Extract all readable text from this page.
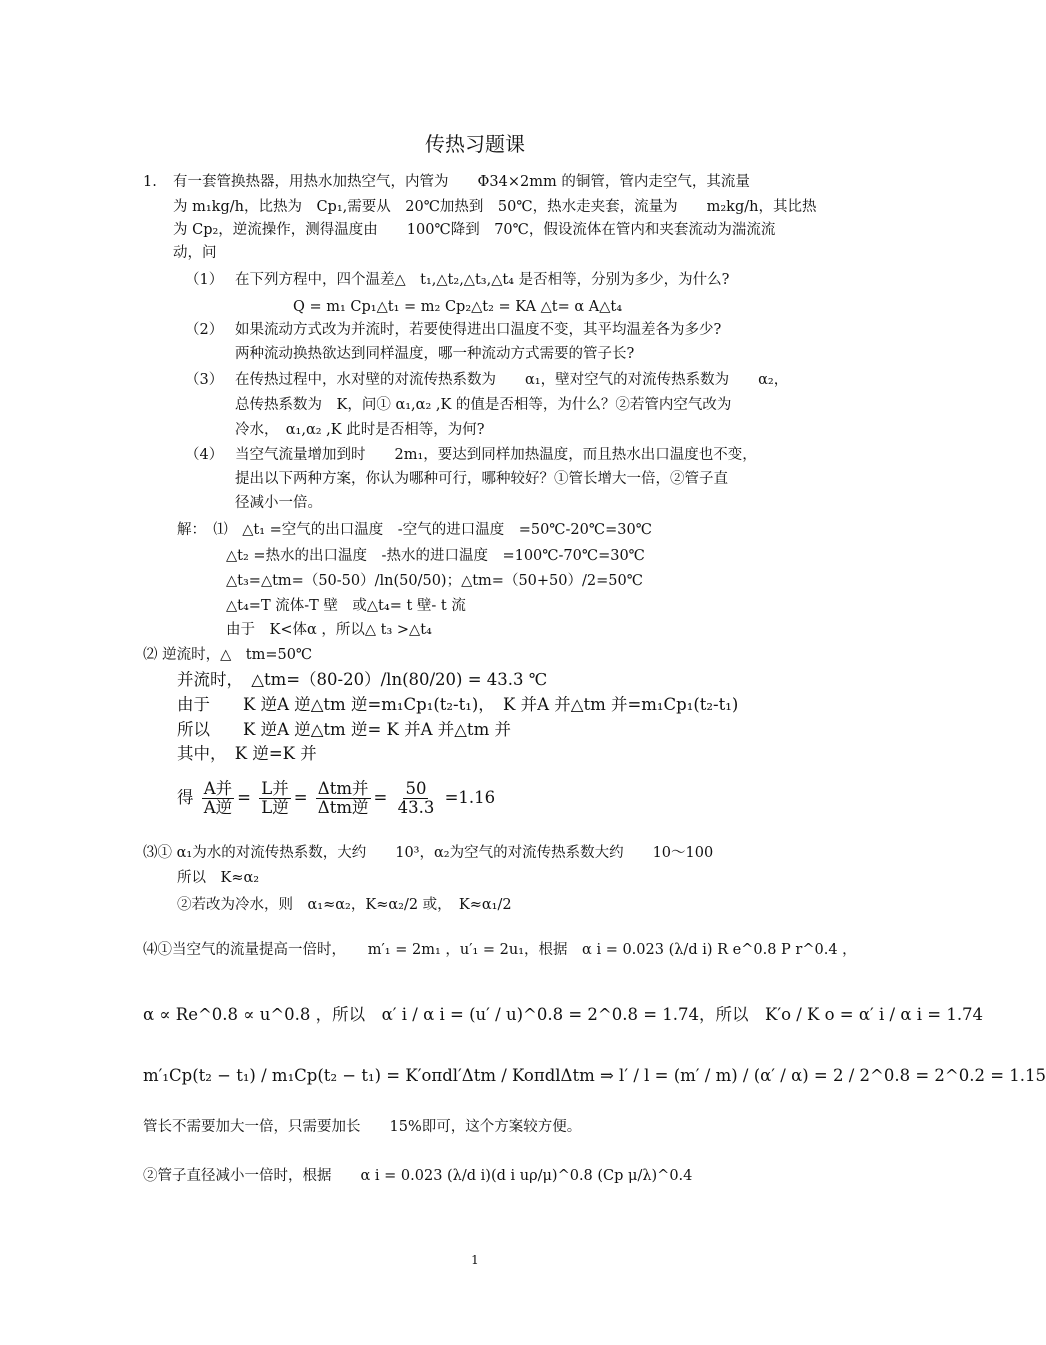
传热习题课
1. 有一套管换热器，用热水加热空气，内管为　　Φ34×2mm 的铜管，管内走空气，其流量
为 m₁kg/h，比热为　Cp₁,需要从　20℃加热到　50℃，热水走夹套，流量为　　m₂kg/h，其比热
为 Cp₂，逆流操作，测得温度由　　100℃降到　70℃，假设流体在管内和夹套流动为湍流流
动，问
（1） 在下列方程中，四个温差△　t₁,△t₂,△t₃,△t₄ 是否相等，分别为多少，为什么?
Q = m₁ Cp₁△t₁ = m₂ Cp₂△t₂ = KA △t= α A△t₄
（2） 如果流动方式改为并流时，若要使得进出口温度不变，其平均温差各为多少?
两种流动换热欲达到同样温度，哪一种流动方式需要的管子长?
（3） 在传热过程中，水对壁的对流传热系数为　　α₁，壁对空气的对流传热系数为　　α₂，
总传热系数为　K，问① α₁,α₂ ,K 的值是否相等，为什么？②若管内空气改为
冷水，　α₁,α₂ ,K 此时是否相等，为何?
（4） 当空气流量增加到时　　2m₁，要达到同样加热温度，而且热水出口温度也不变，
提出以下两种方案，你认为哪种可行，哪种较好？①管长增大一倍，②管子直
径减小一倍。
解：　⑴　△t₁ =空气的出口温度　-空气的进口温度　=50℃-20℃=30℃
△t₂ =热水的出口温度　-热水的进口温度　=100℃-70℃=30℃
△t₃=△tm=（50-50）/ln(50/50)；△tm=（50+50）/2=50℃
△t₄=T 流体-T 壁　或△t₄= t 壁- t 流
由于　K<体α ，所以△ t₃ >△t₄
⑵ 逆流时，△　tm=50℃
并流时，　△tm=（80-20）/ln(80/20) = 43.3 ℃
由于　　K 逆A 逆△tm 逆=m₁Cp₁(t₂-t₁)，　K 并A 并△tm 并=m₁Cp₁(t₂-t₁)
所以　　K 逆A 逆△tm 逆= K 并A 并△tm 并
其中，　K 逆=K 并
得 $\frac{\text{A并}}{\text{A逆}} = \frac{\text{L并}}{\text{L逆}} = \frac{\text{Δtm并}}{\text{Δtm逆}} = \frac{50}{43.3} =1.16$
⑶① α₁为水的对流传热系数，大约　　10³，α₂为空气的对流传热系数大约　　10～100
所以　K≈α₂
②若改为冷水，则　α₁≈α₂，K≈α₂/2 或，　K≈α₁/2
⑷①当空气的流量提高一倍时，　　m′₁ = 2m₁ ，u′₁ = 2u₁，根据　α i = 0.023 (λ/d i) R e^0.8 P r^0.4 ，
α ∝ Re^0.8 ∝ u^0.8 ，所以　α′ i / α i = (u′ / u)^0.8 = 2^0.8 = 1.74，所以　K′o / K o = α′ i / α i = 1.74
m′₁Cp(t₂ − t₁) / m₁Cp(t₂ − t₁) = K′oπdl′Δtm / KoπdlΔtm ⇒ l′ / l = (m′ / m) / (α′ / α) = 2 / 2^0.8 = 2^0.2 = 1.15
管长不需要加大一倍，只需要加长　　15%即可，这个方案较方便。
②管子直径减小一倍时，根据　　α i = 0.023 (λ/d i)(d i uρ/μ)^0.8 (Cp μ/λ)^0.4
1
